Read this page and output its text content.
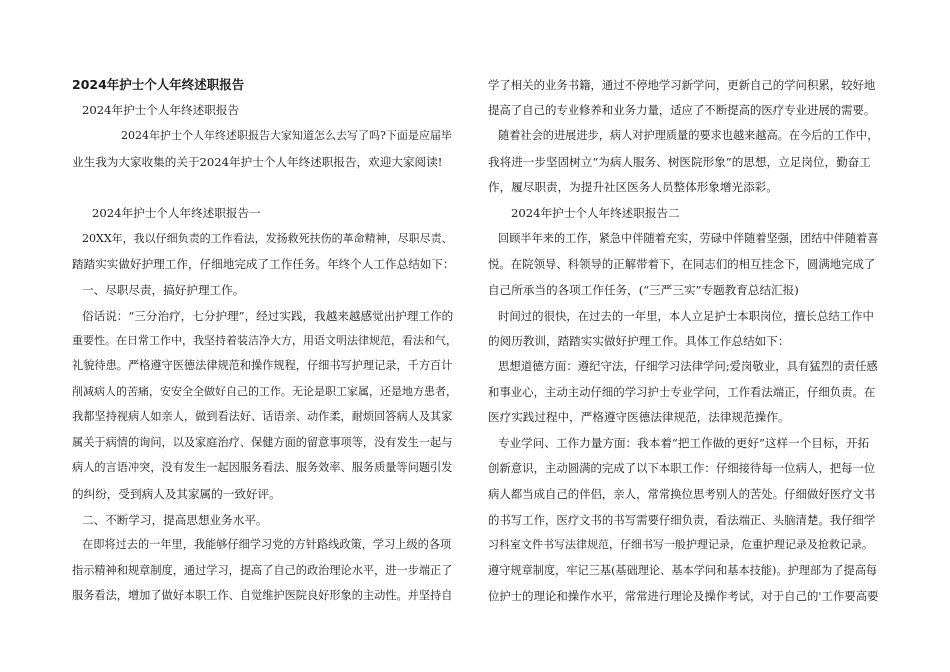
2024年护士个人年终述职报告
2024年护士个人年终述职报告
2024年护士个人年终述职报告大家知道怎么去写了吗?下面是应届毕
业生我为大家收集的关于2024年护士个人年终述职报告，欢迎大家阅读!
2024年护士个人年终述职报告一
20XX年，我以仔细负责的工作看法，发扬救死扶伤的革命精神，尽职尽责、
踏踏实实做好护理工作，仔细地完成了工作任务。年终个人工作总结如下：
一、尽职尽责，搞好护理工作。
俗话说：“三分治疗，七分护理”，经过实践，我越来越感觉出护理工作的
重要性。在日常工作中，我坚持着装洁净大方，用语文明法律规范，看法和气，
礼貌待患。严格遵守医德法律规范和操作规程，仔细书写护理记录，千方百计
削减病人的苦痛，安安全全做好自己的工作。无论是职工家属，还是地方患者，
我都坚持视病人如亲人，做到看法好、话语亲、动作柔，耐烦回答病人及其家
属关于病情的询问，以及家庭治疗、保健方面的留意事项等，没有发生一起与
病人的言语冲突，没有发生一起因服务看法、服务效率、服务质量等问题引发
的纠纷，受到病人及其家属的一致好评。
二、不断学习，提高思想业务水平。
在即将过去的一年里，我能够仔细学习党的方针路线政策，学习上级的各项
指示精神和规章制度，通过学习，提高了自己的政治理论水平，进一步端正了
服务看法，增加了做好本职工作、自觉维护医院良好形象的主动性。并坚持自
学了相关的业务书籍，通过不停地学习新学问，更新自己的学问积累，较好地
提高了自己的专业修养和业务力量，适应了不断提高的医疗专业进展的需要。
随着社会的进展进步，病人对护理质量的要求也越来越高。在今后的工作中，
我将进一步坚固树立“为病人服务、树医院形象”的思想，立足岗位，勤奋工
作，履尽职责，为提升社区医务人员整体形象增光添彩。
2024年护士个人年终述职报告二
回顾半年来的工作，紧急中伴随着充实，劳碌中伴随着坚强，团结中伴随着喜
悦。在院领导、科领导的正解带着下，在同志们的相互挂念下，圆满地完成了
自己所承当的各项工作任务，(“三严三实”专题教育总结汇报)
时间过的很快，在过去的一年里，本人立足护士本职岗位，擅长总结工作中
的阅历教训，踏踏实实做好护理工作。具体工作总结如下：
思想道德方面：遵纪守法，仔细学习法律学问;爱岗敬业，具有猛烈的责任感
和事业心，主动主动仔细的学习护士专业学问，工作看法端正，仔细负责。在
医疗实践过程中，严格遵守医德法律规范，法律规范操作。
专业学问、工作力量方面：我本着“把工作做的更好”这样一个目标，开拓
创新意识，主动圆满的完成了以下本职工作：仔细接待每一位病人，把每一位
病人都当成自己的伴侣，亲人，常常换位思考别人的苦处。仔细做好医疗文书
的书写工作，医疗文书的书写需要仔细负责，看法端正、头脑清楚。我仔细学
习科室文件书写法律规范，仔细书写一般护理记录，危重护理记录及抢救记录。
遵守规章制度，牢记三基(基础理论、基本学问和基本技能)。护理部为了提高每
位护士的理论和操作水平，常常进行理论及操作考试，对于自己的'工作要高要
